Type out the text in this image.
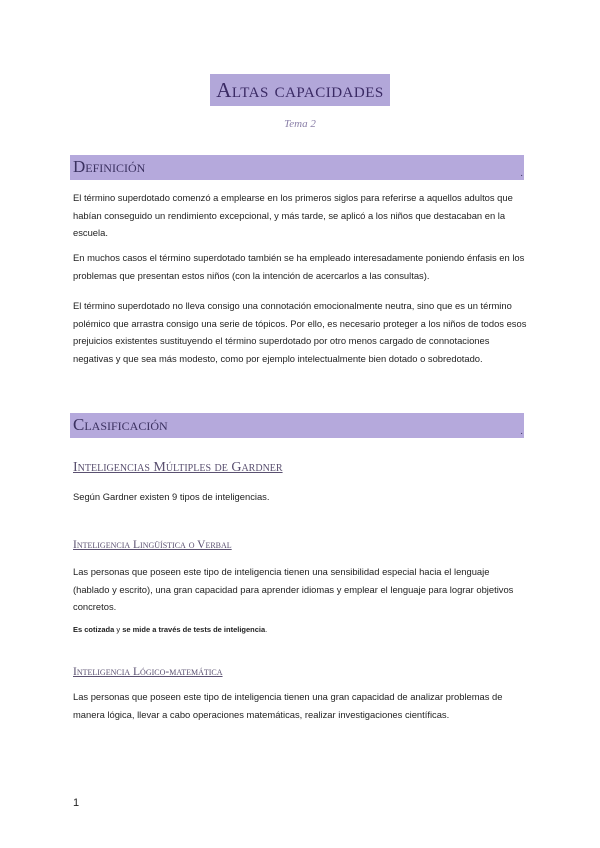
Altas capacidades
Tema 2
Definición	.
El término superdotado comenzó a emplearse en los primeros siglos para referirse a aquellos adultos que habían conseguido un rendimiento excepcional, y más tarde, se aplicó a los niños que destacaban en la escuela.
En muchos casos el término superdotado también se ha empleado interesadamente poniendo énfasis en los problemas que presentan estos niños (con la intención de acercarlos a las consultas).
El término superdotado no lleva consigo una connotación emocionalmente neutra, sino que es un término polémico que arrastra consigo una serie de tópicos. Por ello, es necesario proteger a los niños de todos esos prejuicios existentes sustituyendo el término superdotado por otro menos cargado de connotaciones negativas y que sea más modesto, como por ejemplo intelectualmente bien dotado o sobredotado.
Clasificación	.
Inteligencias Múltiples de Gardner
Según Gardner existen 9 tipos de inteligencias.
Inteligencia Lingüística o Verbal
Las personas que poseen este tipo de inteligencia tienen una sensibilidad especial hacia el lenguaje (hablado y escrito), una gran capacidad para aprender idiomas y emplear el lenguaje para lograr objetivos concretos.
Es cotizada y se mide a través de tests de inteligencia.
Inteligencia Lógico-matemática
Las personas que poseen este tipo de inteligencia tienen una gran capacidad de analizar problemas de manera lógica, llevar a cabo operaciones matemáticas, realizar investigaciones científicas.
1
